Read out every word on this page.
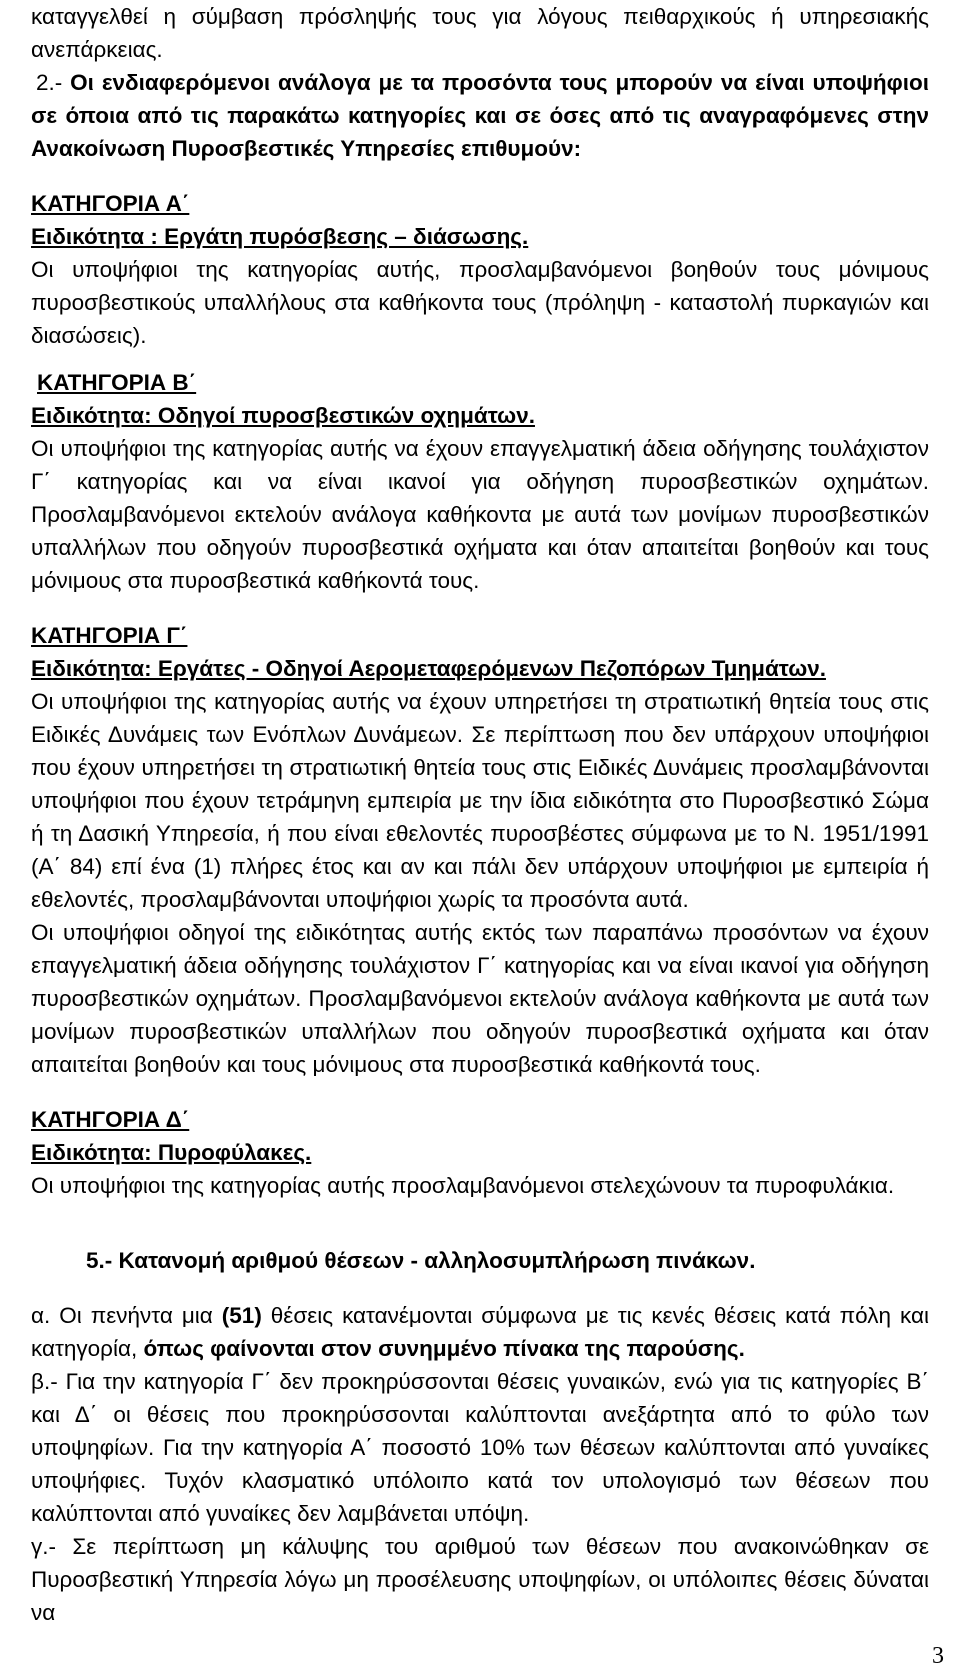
καταγγελθεί η σύμβαση πρόσληψής τους για λόγους πειθαρχικούς ή υπηρεσιακής ανεπάρκειας.

2.- Οι ενδιαφερόμενοι ανάλογα με τα προσόντα τους μπορούν να είναι υποψήφιοι σε όποια από τις παρακάτω κατηγορίες και σε όσες από τις αναγραφόμενες στην Ανακοίνωση Πυροσβεστικές Υπηρεσίες επιθυμούν:

ΚΑΤΗΓΟΡΙΑ Α΄
Ειδικότητα : Εργάτη πυρόσβεσης – διάσωσης.

Οι υποψήφιοι της κατηγορίας αυτής, προσλαμβανόμενοι βοηθούν τους μόνιμους πυροσβεστικούς υπαλλήλους στα καθήκοντα τους (πρόληψη - καταστολή πυρκαγιών και διασώσεις).

ΚΑΤΗΓΟΡΙΑ Β΄
Ειδικότητα: Οδηγοί πυροσβεστικών οχημάτων.

Οι υποψήφιοι της κατηγορίας αυτής να έχουν επαγγελματική άδεια οδήγησης τουλάχιστον Γ΄ κατηγορίας και να είναι ικανοί για οδήγηση πυροσβεστικών οχημάτων. Προσλαμβανόμενοι εκτελούν ανάλογα καθήκοντα με αυτά των μονίμων πυροσβεστικών υπαλλήλων που οδηγούν πυροσβεστικά οχήματα και όταν απαιτείται βοηθούν και τους μόνιμους στα πυροσβεστικά καθήκοντά τους.

ΚΑΤΗΓΟΡΙΑ Γ΄
Ειδικότητα: Εργάτες - Οδηγοί Αερομεταφερόμενων Πεζοπόρων Τμημάτων.

Οι υποψήφιοι της κατηγορίας αυτής να έχουν υπηρετήσει τη στρατιωτική θητεία τους στις Ειδικές Δυνάμεις των Ενόπλων Δυνάμεων. Σε περίπτωση που δεν υπάρχουν υποψήφιοι που έχουν υπηρετήσει τη στρατιωτική θητεία τους στις Ειδικές Δυνάμεις προσλαμβάνονται υποψήφιοι που έχουν τετράμηνη εμπειρία με την ίδια ειδικότητα στο Πυροσβεστικό Σώμα ή τη Δασική Υπηρεσία, ή που είναι εθελοντές πυροσβέστες σύμφωνα με το Ν. 1951/1991 (Α΄ 84) επί ένα (1) πλήρες έτος και αν και πάλι δεν υπάρχουν υποψήφιοι με εμπειρία ή εθελοντές, προσλαμβάνονται υποψήφιοι χωρίς τα προσόντα αυτά.

Οι υποψήφιοι οδηγοί της ειδικότητας αυτής εκτός των παραπάνω προσόντων να έχουν επαγγελματική άδεια οδήγησης τουλάχιστον Γ΄ κατηγορίας και να είναι ικανοί για οδήγηση πυροσβεστικών οχημάτων. Προσλαμβανόμενοι εκτελούν ανάλογα καθήκοντα με αυτά των μονίμων πυροσβεστικών υπαλλήλων που οδηγούν πυροσβεστικά οχήματα και όταν απαιτείται βοηθούν και τους μόνιμους στα πυροσβεστικά καθήκοντά τους.

ΚΑΤΗΓΟΡΙΑ Δ΄
Ειδικότητα: Πυροφύλακες.

Οι υποψήφιοι της κατηγορίας αυτής προσλαμβανόμενοι στελεχώνουν τα πυροφυλάκια.

5.- Κατανομή αριθμού θέσεων - αλληλοσυμπλήρωση πινάκων.

α. Οι πενήντα μια (51) θέσεις κατανέμονται σύμφωνα με τις κενές θέσεις κατά πόλη και κατηγορία, όπως φαίνονται στον συνημμένο πίνακα της παρούσης.

β.- Για την κατηγορία Γ΄ δεν προκηρύσσονται θέσεις γυναικών, ενώ για τις κατηγορίες Β΄ και Δ΄ οι θέσεις που προκηρύσσονται καλύπτονται ανεξάρτητα από το φύλο των υποψηφίων. Για την κατηγορία Α΄ ποσοστό 10% των θέσεων καλύπτονται από γυναίκες υποψήφιες. Τυχόν κλασματικό υπόλοιπο κατά τον υπολογισμό των θέσεων που καλύπτονται από γυναίκες δεν λαμβάνεται υπόψη.

γ.- Σε περίπτωση μη κάλυψης του αριθμού των θέσεων που ανακοινώθηκαν σε Πυροσβεστική Υπηρεσία λόγω μη προσέλευσης υποψηφίων, οι υπόλοιπες θέσεις δύναται να

3
